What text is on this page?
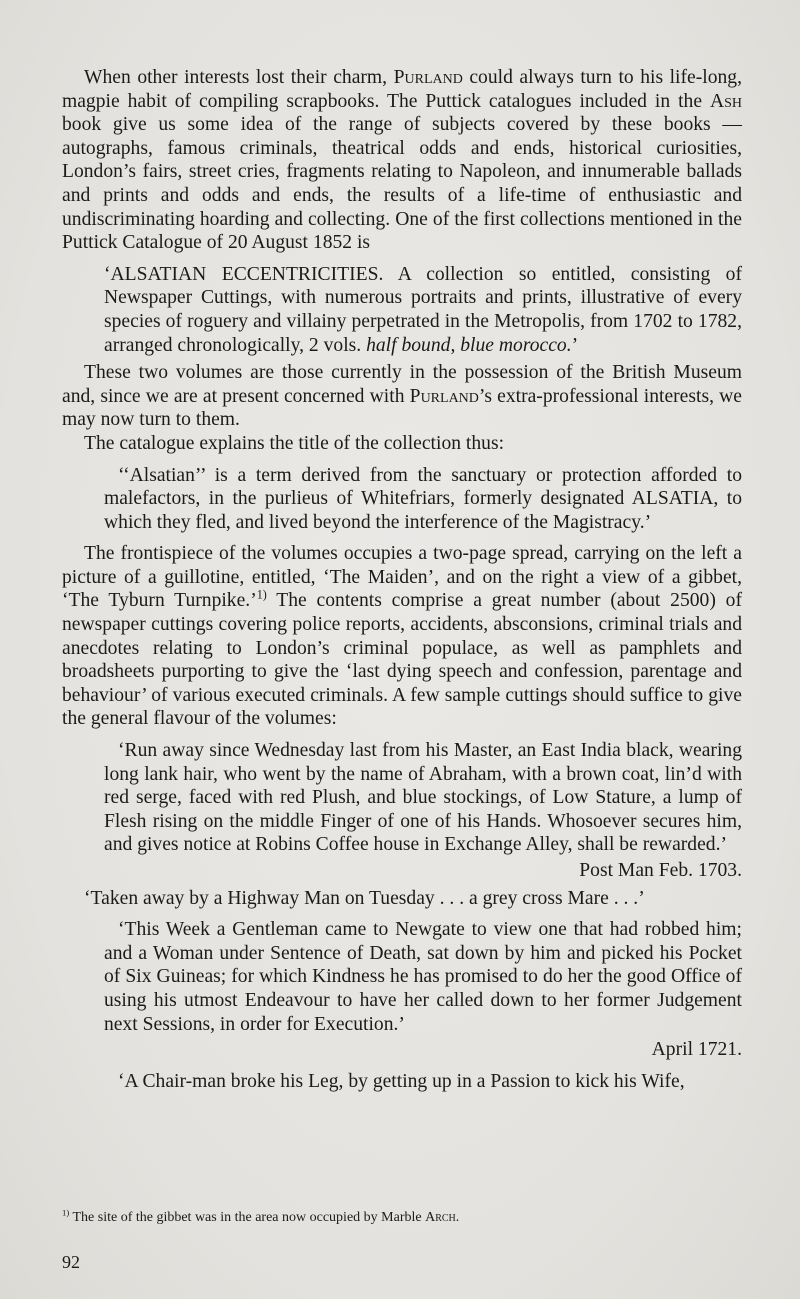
When other interests lost their charm, Purland could always turn to his life-long, magpie habit of compiling scrapbooks. The Puttick catalogues included in the Ash book give us some idea of the range of subjects covered by these books — autographs, famous criminals, theatrical odds and ends, historical curiosities, London’s fairs, street cries, fragments relating to Napoleon, and innumerable ballads and prints and odds and ends, the results of a life-time of enthusiastic and undiscriminating hoarding and collecting. One of the first collections mentioned in the Puttick Catalogue of 20 August 1852 is

‘ALSATIAN ECCENTRICITIES. A collection so entitled, consisting of Newspaper Cuttings, with numerous portraits and prints, illustrative of every species of roguery and villainy perpetrated in the Metropolis, from 1702 to 1782, arranged chronologically, 2 vols. half bound, blue morocco.’

These two volumes are those currently in the possession of the British Museum and, since we are at present concerned with Purland’s extra-professional interests, we may now turn to them.

The catalogue explains the title of the collection thus:

‘‘Alsatian’’ is a term derived from the sanctuary or protection afforded to malefactors, in the purlieus of Whitefriars, formerly designated ALSATIA, to which they fled, and lived beyond the interference of the Magistracy.’

The frontispiece of the volumes occupies a two-page spread, carrying on the left a picture of a guillotine, entitled, ‘The Maiden’, and on the right a view of a gibbet, ‘The Tyburn Turnpike.’$^{1)}$ The contents comprise a great number (about 2500) of newspaper cuttings covering police reports, accidents, absconsions, criminal trials and anecdotes relating to London’s criminal populace, as well as pamphlets and broadsheets purporting to give the ‘last dying speech and confession, parentage and behaviour’ of various executed criminals. A few sample cuttings should suffice to give the general flavour of the volumes:

‘Run away since Wednesday last from his Master, an East India black, wearing long lank hair, who went by the name of Abraham, with a brown coat, lin’d with red serge, faced with red Plush, and blue stockings, of Low Stature, a lump of Flesh rising on the middle Finger of one of his Hands. Whosoever secures him, and gives notice at Robins Coffee house in Exchange Alley, shall be rewarded.’

Post Man Feb. 1703.

‘Taken away by a Highway Man on Tuesday . . . a grey cross Mare . . .’

‘This Week a Gentleman came to Newgate to view one that had robbed him; and a Woman under Sentence of Death, sat down by him and picked his Pocket of Six Guineas; for which Kindness he has promised to do her the good Office of using his utmost Endeavour to have her called down to her former Judgement next Sessions, in order for Execution.’

April 1721.

‘A Chair-man broke his Leg, by getting up in a Passion to kick his Wife,

$^{1)}$ The site of the gibbet was in the area now occupied by Marble Arch.
92
